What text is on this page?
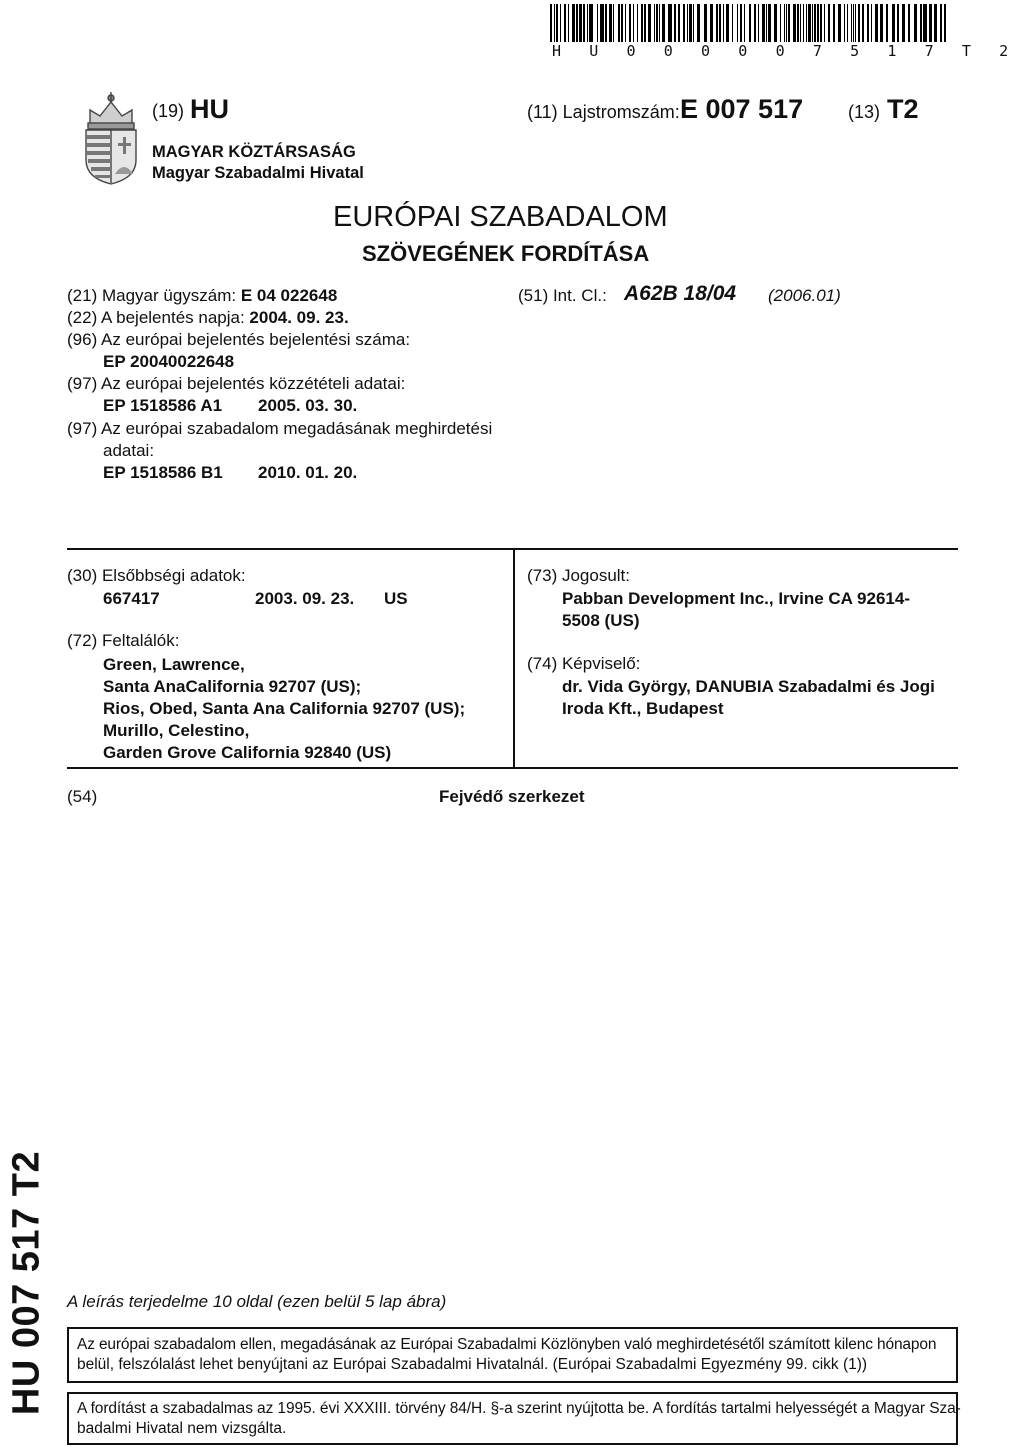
H U 0 0 0 0 0 7 5 1 7 T 2
(19) HU	(11) Lajstromszám: E 007 517 (13) T2
MAGYAR KÖZTÁRSASÁG
Magyar Szabadalmi Hivatal
EURÓPAI SZABADALOM
SZÖVEGÉNEK FORDÍTÁSA
(21) Magyar ügyszám: E 04 022648
(22) A bejelentés napja: 2004. 09. 23.
(96) Az európai bejelentés bejelentési száma:
EP 20040022648
(97) Az európai bejelentés közzétételi adatai:
EP 1518586 A1 2005. 03. 30.
(97) Az európai szabadalom megadásának meghirdetési
adatai:
EP 1518586 B1 2010. 01. 20.
(51) Int. Cl.: A62B 18/04 (2006.01)
(30) Elsőbbségi adatok:
667417	2003. 09. 23. US
(72) Feltalálók:
Green, Lawrence,
Santa AnaCalifornia 92707 (US);
Rios, Obed, Santa Ana California 92707 (US);
Murillo, Celestino,
Garden Grove California 92840 (US)
(73) Jogosult:
Pabban Development Inc., Irvine CA 92614-
5508 (US)
(74) Képviselő:
dr. Vida György, DANUBIA Szabadalmi és Jogi
Iroda Kft., Budapest
(54)	Fejvédő szerkezet
HU 007 517 T2 A leírás terjedelme 10 oldal (ezen belül 5 lap ábra)
Az európai szabadalom ellen, megadásának az Európai Szabadalmi Közlönyben való meghirdetésétől számított kilenc hónapon
belül, felszólalást lehet benyújtani az Európai Szabadalmi Hivatalnál. (Európai Szabadalmi Egyezmény 99. cikk (1))
A fordítást a szabadalmas az 1995. évi XXXIII. törvény 84/H. §-a szerint nyújtotta be. A fordítás tartalmi helyességét a Magyar Sza-
badalmi Hivatal nem vizsgálta.
